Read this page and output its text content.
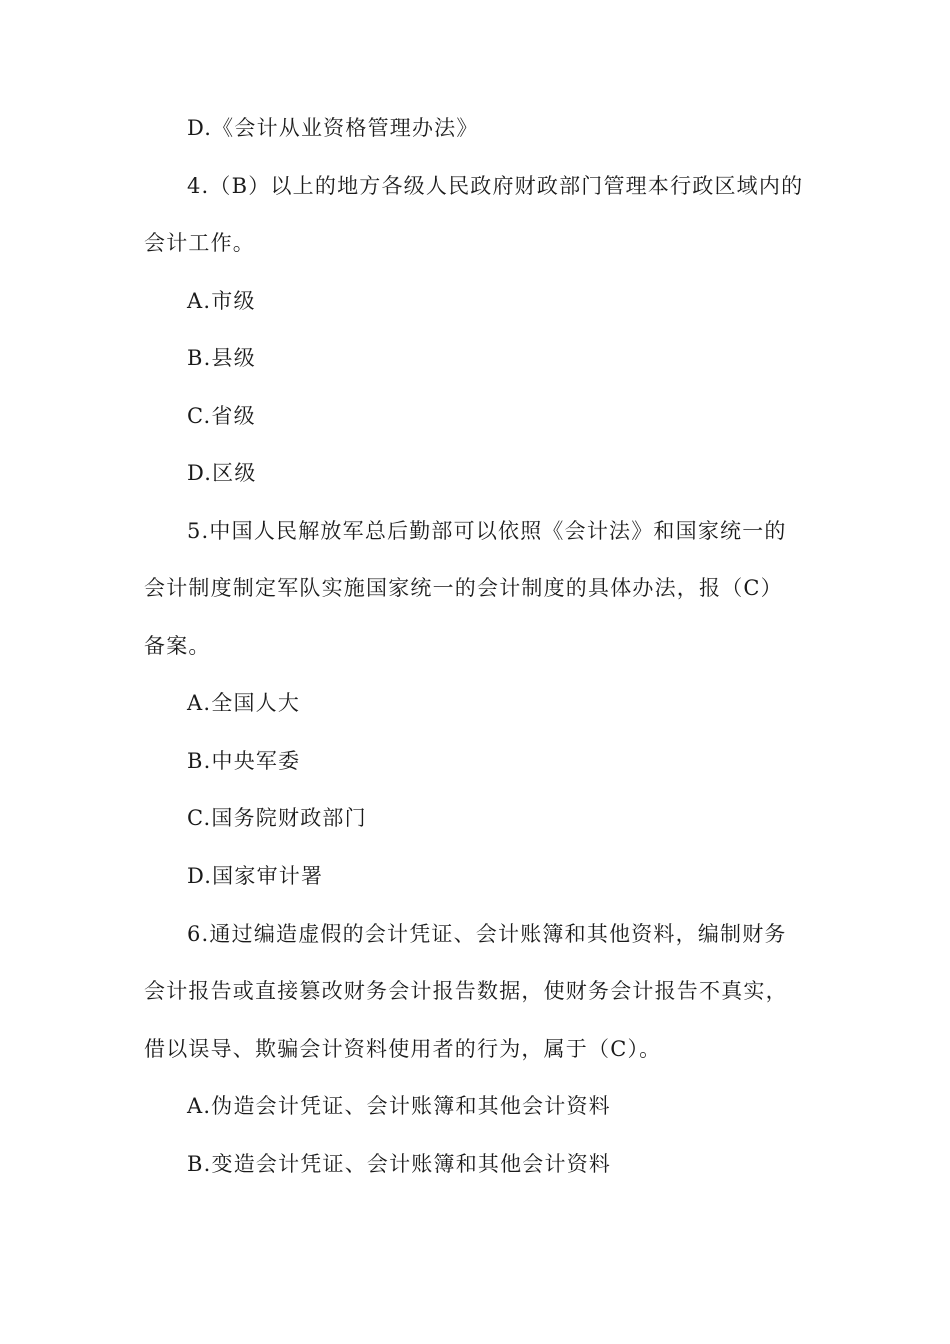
D.《会计从业资格管理办法》
4.（B）以上的地方各级人民政府财政部门管理本行政区域内的
会计工作。
A.市级
B.县级
C.省级
D.区级
5.中国人民解放军总后勤部可以依照《会计法》和国家统一的
会计制度制定军队实施国家统一的会计制度的具体办法，报（C）
备案。
A.全国人大
B.中央军委
C.国务院财政部门
D.国家审计署
6.通过编造虚假的会计凭证、会计账簿和其他资料，编制财务
会计报告或直接篡改财务会计报告数据，使财务会计报告不真实，
借以误导、欺骗会计资料使用者的行为，属于（C）。
A.伪造会计凭证、会计账簿和其他会计资料
B.变造会计凭证、会计账簿和其他会计资料
